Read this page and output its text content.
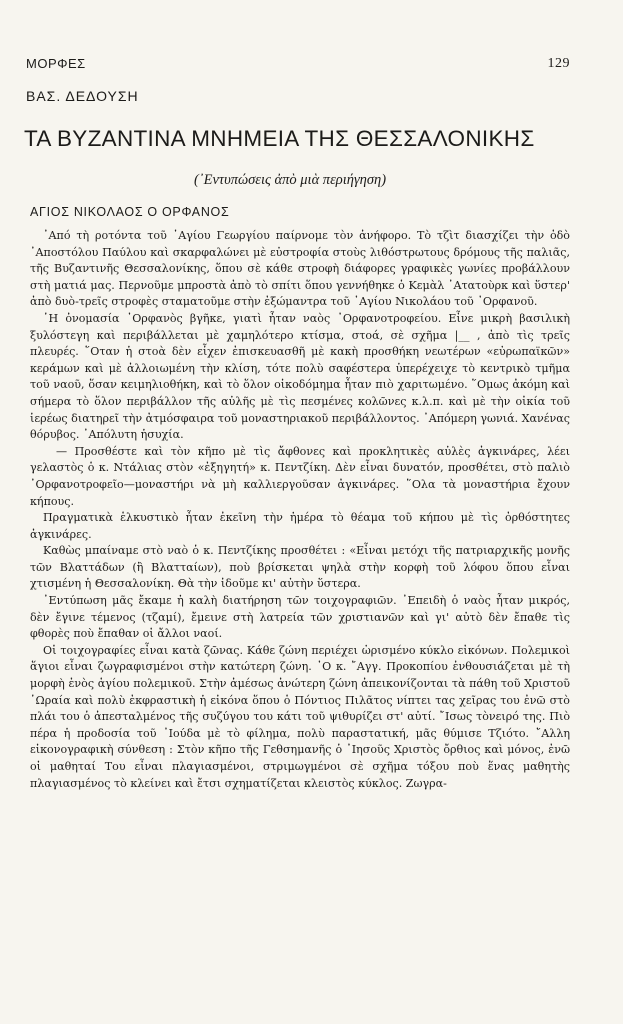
ΜΟΡΦΕΣ	129
ΒΑΣ. ΔΕΔΟΥΣΗ
ΤΑ ΒΥΖΑΝΤΙΝΑ ΜΝΗΜΕΙΑ ΤΗΣ ΘΕΣΣΑΛΟΝΙΚΗΣ
(᾿Εντυπώσεις ἀπὸ μιὰ περιήγηση)
ΑΓΙΟΣ ΝΙΚΟΛΑΟΣ Ο ΟΡΦΑΝΟΣ

᾿Από τὴ ροτόντα τοῦ ῾Αγίου Γεωργίου παίρνομε τὸν ἀνήφορο. Τὸ τζὶτ διασχίζει τὴν ὁδὸ ᾿Αποστόλου Παύλου καὶ σκαρφαλώνει μὲ εὐστροφία στοὺς λιθόστρωτους δρόμους τῆς παλιᾶς, τῆς Βυζαντινῆς Θεσσαλονίκης, ὅπου σὲ κάθε στροφὴ διάφορες γραφικὲς γωνίες προβάλλουν στὴ ματιά μας. Περνοῦμε μπροστὰ ἀπὸ τὸ σπίτι ὅπου γεννήθηκε ὁ Κεμὰλ ᾿Ατατοὺρκ καὶ ὕστερ' ἀπὸ δυὸ-τρεῖς στροφὲς σταματοῦμε στὴν ἐξώμαντρα τοῦ ῾Αγίου Νικολάου τοῦ ᾿Ορφανοῦ.

῾Η ὀνομασία ᾿Ορφανὸς βγῆκε, γιατὶ ἦταν ναὸς ᾿Ορφανοτροφείου. Εἶνε μικρὴ βασιλικὴ ξυλόστεγη καὶ περιβάλλεται μὲ χαμηλότερο κτίσμα, στοά, σὲ σχῆμα |__ , ἀπὸ τὶς τρεῖς πλευρές. ῞Οταν ἡ στοὰ δὲν εἶχεν ἐπισκευασθῆ μὲ κακὴ προσθήκη νεωτέρων «εὐρωπαϊκῶν» κεράμων καὶ μὲ ἀλλοιωμένη τὴν κλίση, τότε πολὺ σαφέστερα ὑπερέχειχε τὸ κεντρικὸ τμῆμα τοῦ ναοῦ, ὅσαν κειμηλιοθήκη, καὶ τὸ ὅλον οἰκοδόμημα ἦταν πιὸ χαριτωμένο. ῞Ομως ἀκόμη καὶ σήμερα τὸ ὅλον περιβάλλον τῆς αὐλῆς μὲ τὶς πεσμένες κολῶνες κ.λ.π. καὶ μὲ τὴν οἰκία τοῦ ἱερέως διατηρεῖ τὴν ἀτμόσφαιρα τοῦ μοναστηριακοῦ περιβάλλοντος. ᾿Απόμερη γωνιά. Χανένας θόρυβος. ᾿Απόλυτη ἡσυχία.

— Προσθέστε καὶ τὸν κῆπο μὲ τὶς ἄφθονες καὶ προκλητικὲς αὐλὲς ἀγκινάρες, λέει γελαστὸς ὁ κ. Ντάλιας στὸν «ἐξηγητή» κ. Πεντζίκη. Δὲν εἶναι δυνατόν, προσθέτει, στὸ παλιὸ ᾿Ορφανοτροφεῖο—μοναστήρι νὰ μὴ καλλιεργοῦσαν ἀγκινάρες. ῞Ολα τὰ μοναστήρια ἔχουν κήπους.

Πραγματικὰ ἑλκυστικὸ ἦταν ἐκεῖνη τὴν ἡμέρα τὸ θέαμα τοῦ κήπου μὲ τὶς ὀρθόστητες ἀγκινάρες.

Καθὼς μπαίναμε στὸ ναὸ ὁ κ. Πεντζίκης προσθέτει : «Εἶναι μετόχι τῆς πατριαρχικῆς μονῆς τῶν Βλαττάδων (ἢ Βλατταίων), ποὺ βρίσκεται ψηλὰ στὴν κορφὴ τοῦ λόφου ὅπου εἶναι χτισμένη ἡ Θεσσαλονίκη. Θὰ τὴν ἰδοῦμε κι' αὐτὴν ὕστερα.

᾿Εντύπωση μᾶς ἔκαμε ἡ καλὴ διατήρηση τῶν τοιχογραφιῶν. ᾿Επειδὴ ὁ ναὸς ἦταν μικρός, δὲν ἔγινε τέμενος (τζαμί), ἔμεινε στὴ λατρεία τῶν χριστιανῶν καὶ γι' αὐτὸ δὲν ἔπαθε τὶς φθορὲς ποὺ ἔπαθαν οἱ ἄλλοι ναοί.

Οἱ τοιχογραφίες εἶναι κατὰ ζῶνας. Κάθε ζώνη περιέχει ὡρισμένο κύκλο εἰκόνων. Πολεμικοὶ ἅγιοι εἶναι ζωγραφισμένοι στὴν κατώτερη ζώνη. ῾Ο κ. ῎Αγγ. Προκοπίου ἐνθουσιάζεται μὲ τὴ μορφὴ ἑνὸς ἁγίου πολεμικοῦ. Στὴν ἀμέσως ἀνώτερη ζώνη ἀπεικονίζονται τὰ πάθη τοῦ Χριστοῦ ῾Ωραία καὶ πολὺ ἐκφραστικὴ ἡ εἰκόνα ὅπου ὁ Πόντιος Πιλᾶτος νίπτει τας χεῖρας του ἐνῶ στὸ πλάι του ὁ ἀπεσταλμένος τῆς συζύγου του κάτι τοῦ ψιθυρίζει στ' αὐτί. ῎Ισως τὸνειρό της. Πιὸ πέρα ἡ προδοσία τοῦ ᾿Ιούδα μὲ τὸ φίλημα, πολὺ παραστατική, μᾶς θύμισε Τζιότο. ῎Αλλη εἰκονογραφικὴ σύνθεση : Στὸν κῆπο τῆς Γεθσημανῆς ὁ ᾿Ιησοῦς Χριστὸς ὄρθιος καὶ μόνος, ἐνῶ οἱ μαθηταί Του εἶναι πλαγιασμένοι, στριμωγμένοι σὲ σχῆμα τόξου ποὺ ἕνας μαθητὴς πλαγιασμένος τὸ κλείνει καὶ ἔτσι σχηματίζεται κλειστὸς κύκλος. Ζωγρα-
